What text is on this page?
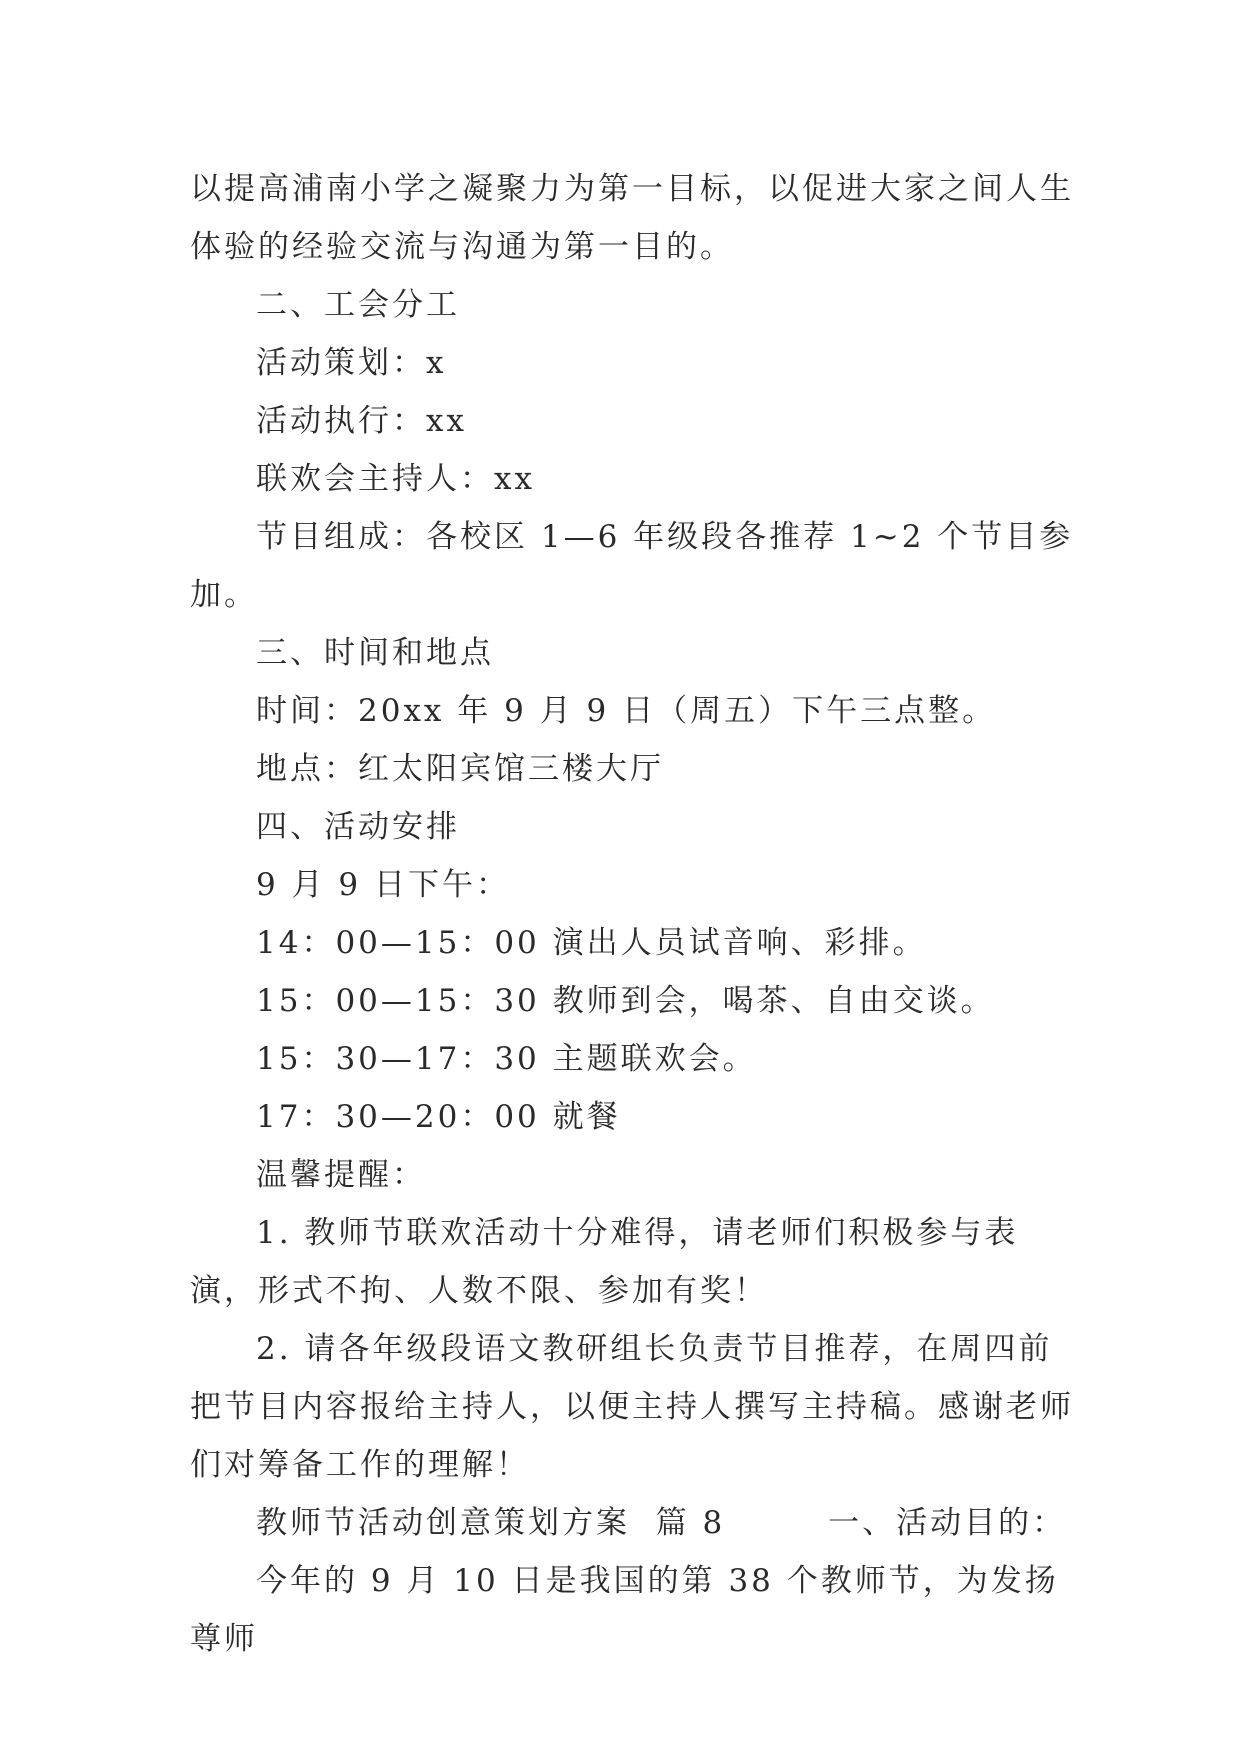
以提高浦南小学之凝聚力为第一目标，以促进大家之间人生体验的经验交流与沟通为第一目的。

二、工会分工

活动策划：x

活动执行：xx

联欢会主持人：xx

节目组成：各校区 1—6 年级段各推荐 1~2 个节目参加。

三、时间和地点

时间：20xx 年 9 月 9 日（周五）下午三点整。

地点：红太阳宾馆三楼大厅

四、活动安排

9 月 9 日下午：

14：00—15：00 演出人员试音响、彩排。

15：00—15：30 教师到会，喝茶、自由交谈。

15：30—17：30 主题联欢会。

17：30—20：00 就餐

温馨提醒：

1. 教师节联欢活动十分难得，请老师们积极参与表演，形式不拘、人数不限、参加有奖！

2. 请各年级段语文教研组长负责节目推荐，在周四前把节目内容报给主持人，以便主持人撰写主持稿。感谢老师们对筹备工作的理解！

教师节活动创意策划方案  篇 8        一、活动目的：

今年的 9 月 10 日是我国的第 38 个教师节，为发扬尊师
